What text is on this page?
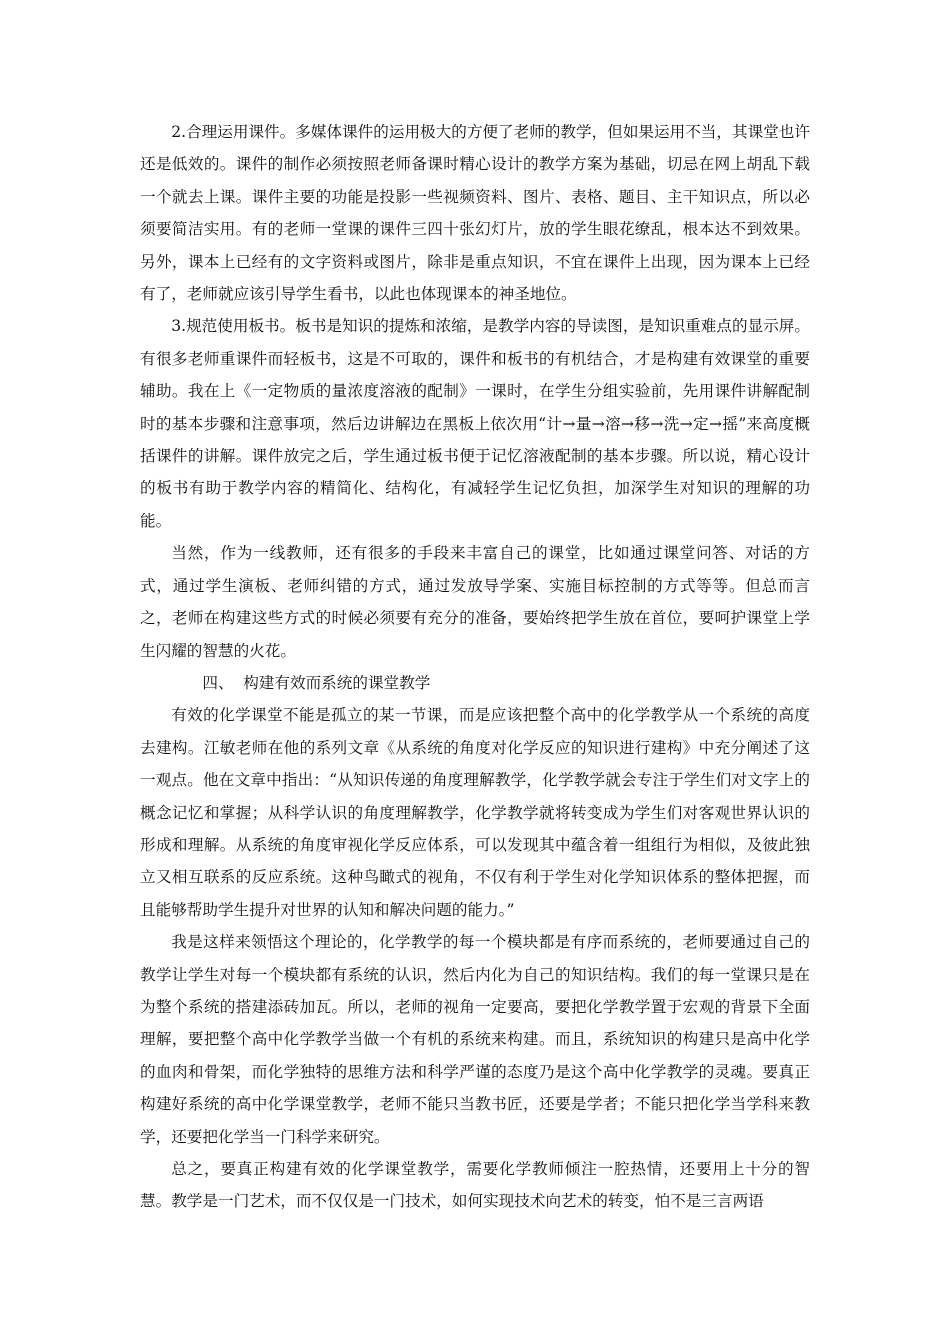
2.合理运用课件。多媒体课件的运用极大的方便了老师的教学，但如果运用不当，其课堂也许还是低效的。课件的制作必须按照老师备课时精心设计的教学方案为基础，切忌在网上胡乱下载一个就去上课。课件主要的功能是投影一些视频资料、图片、表格、题目、主干知识点，所以必须要简洁实用。有的老师一堂课的课件三四十张幻灯片，放的学生眼花缭乱，根本达不到效果。另外，课本上已经有的文字资料或图片，除非是重点知识，不宜在课件上出现，因为课本上已经有了，老师就应该引导学生看书，以此也体现课本的神圣地位。

3.规范使用板书。板书是知识的提炼和浓缩，是教学内容的导读图，是知识重难点的显示屏。有很多老师重课件而轻板书，这是不可取的，课件和板书的有机结合，才是构建有效课堂的重要辅助。我在上《一定物质的量浓度溶液的配制》一课时，在学生分组实验前，先用课件讲解配制时的基本步骤和注意事项，然后边讲解边在黑板上依次用“计→量→溶→移→洗→定→摇”来高度概括课件的讲解。课件放完之后，学生通过板书便于记忆溶液配制的基本步骤。所以说，精心设计的板书有助于教学内容的精简化、结构化，有减轻学生记忆负担，加深学生对知识的理解的功能。

当然，作为一线教师，还有很多的手段来丰富自己的课堂，比如通过课堂问答、对话的方式，通过学生演板、老师纠错的方式，通过发放导学案、实施目标控制的方式等等。但总而言之，老师在构建这些方式的时候必须要有充分的准备，要始终把学生放在首位，要呵护课堂上学生闪耀的智慧的火花。

四、 构建有效而系统的课堂教学

有效的化学课堂不能是孤立的某一节课，而是应该把整个高中的化学教学从一个系统的高度去建构。江敏老师在他的系列文章《从系统的角度对化学反应的知识进行建构》中充分阐述了这一观点。他在文章中指出：“从知识传递的角度理解教学，化学教学就会专注于学生们对文字上的概念记忆和掌握；从科学认识的角度理解教学，化学教学就将转变成为学生们对客观世界认识的形成和理解。从系统的角度审视化学反应体系，可以发现其中蕴含着一组组行为相似，及彼此独立又相互联系的反应系统。这种鸟瞰式的视角，不仅有利于学生对化学知识体系的整体把握，而且能够帮助学生提升对世界的认知和解决问题的能力。”

我是这样来领悟这个理论的，化学教学的每一个模块都是有序而系统的，老师要通过自己的教学让学生对每一个模块都有系统的认识，然后内化为自己的知识结构。我们的每一堂课只是在为整个系统的搭建添砖加瓦。所以，老师的视角一定要高，要把化学教学置于宏观的背景下全面理解，要把整个高中化学教学当做一个有机的系统来构建。而且，系统知识的构建只是高中化学的血肉和骨架，而化学独特的思维方法和科学严谨的态度乃是这个高中化学教学的灵魂。要真正构建好系统的高中化学课堂教学，老师不能只当教书匠，还要是学者；不能只把化学当学科来教学，还要把化学当一门科学来研究。

总之，要真正构建有效的化学课堂教学，需要化学教师倾注一腔热情，还要用上十分的智慧。教学是一门艺术，而不仅仅是一门技术，如何实现技术向艺术的转变，怕不是三言两语
